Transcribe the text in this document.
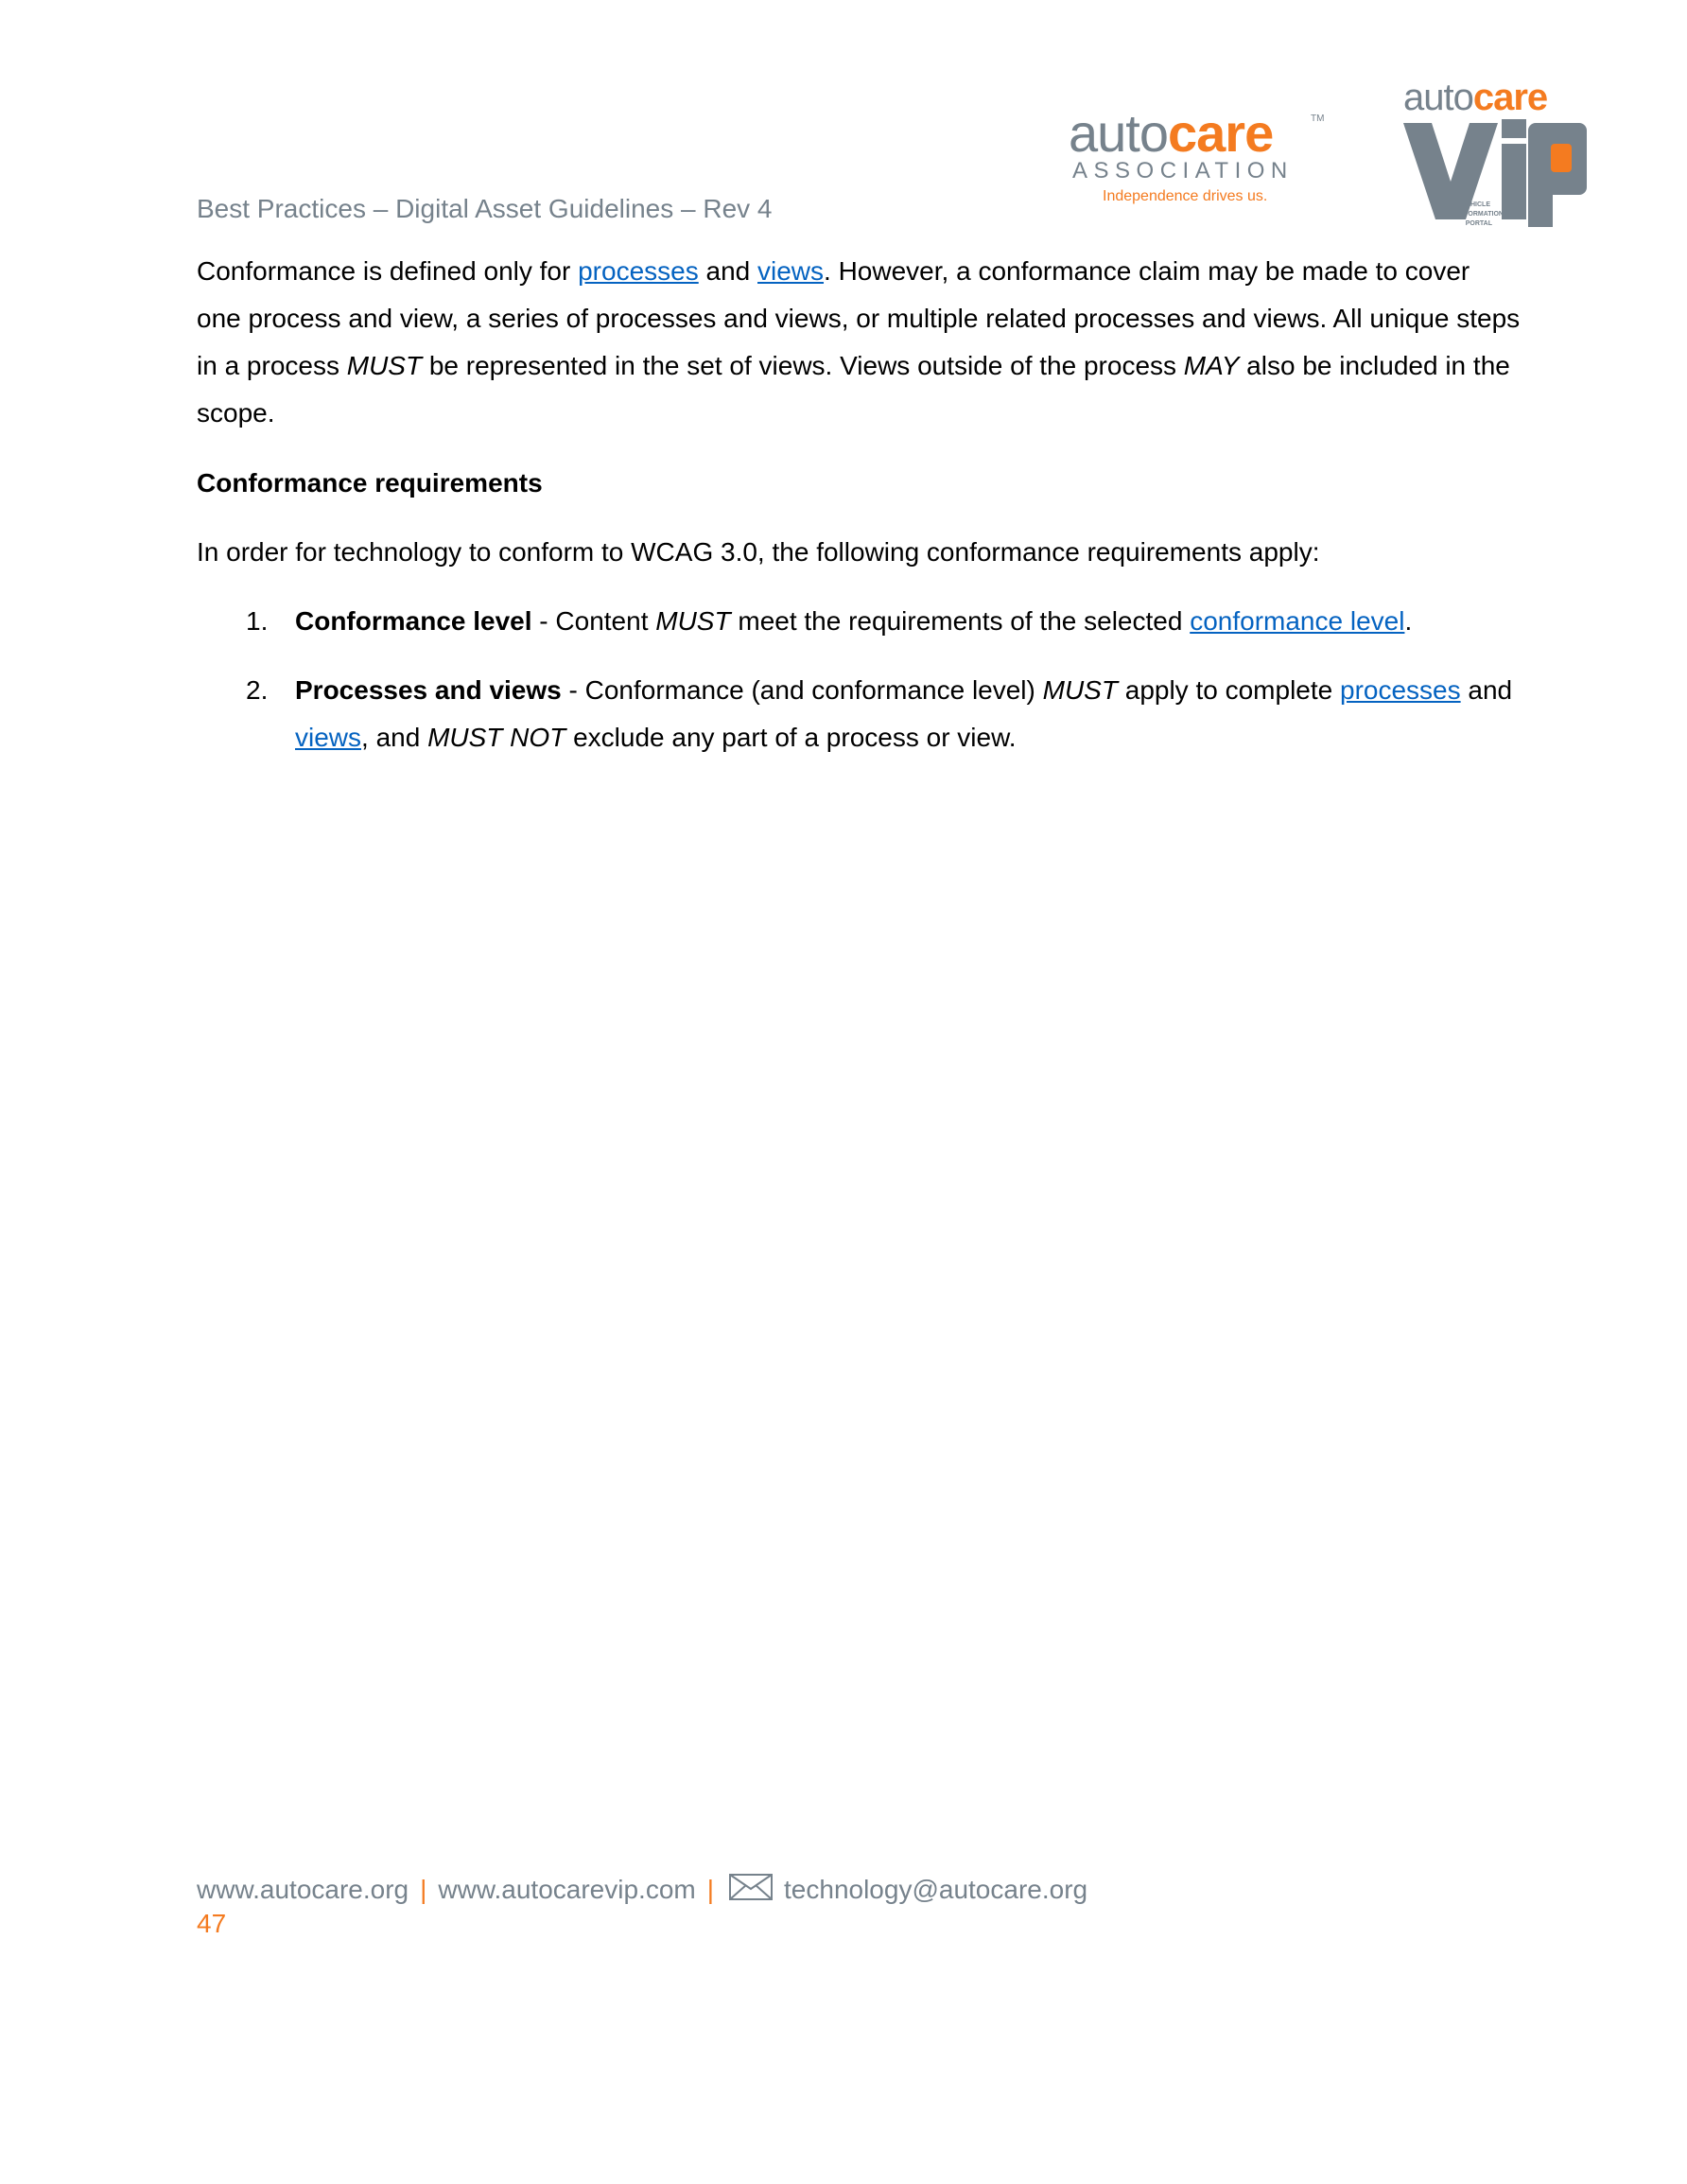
Best Practices – Digital Asset Guidelines – Rev 4
autocare	TM
ASSOCIATION
Independence drives us.
autocare
VEHICLE
INFORMATION
PORTAL

Conformance is defined only for processes and views. However, a conformance claim may be made to cover one process and view, a series of processes and views, or multiple related processes and views. All unique steps in a process MUST be represented in the set of views. Views outside of the process MAY also be included in the scope.

Conformance requirements

In order for technology to conform to WCAG 3.0, the following conformance requirements apply:

1. Conformance level - Content MUST meet the requirements of the selected conformance level.
2. Processes and views - Conformance (and conformance level) MUST apply to complete processes and views, and MUST NOT exclude any part of a process or view.
www.autocare.org | www.autocarevip.com |	technology@autocare.org
47
